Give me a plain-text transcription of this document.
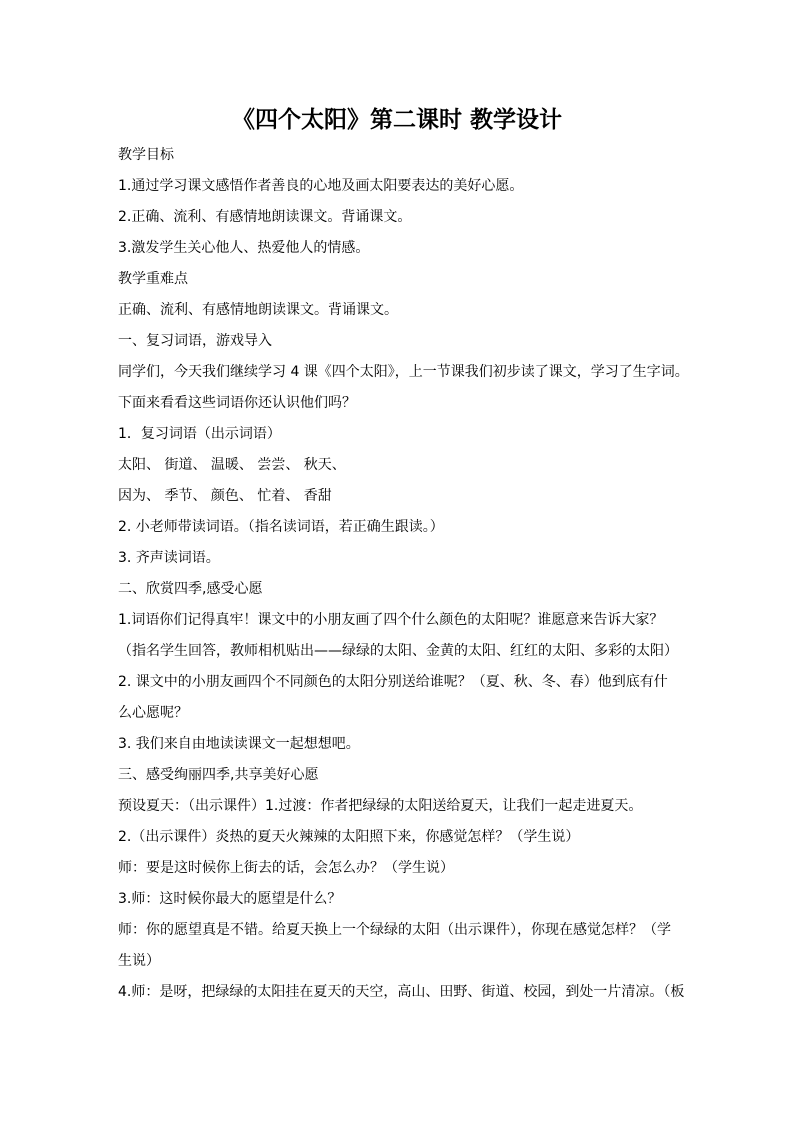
《四个太阳》第二课时 教学设计
教学目标
1.通过学习课文感悟作者善良的心地及画太阳要表达的美好心愿。
2.正确、流利、有感情地朗读课文。背诵课文。
3.激发学生关心他人、热爱他人的情感。
教学重难点
正确、流利、有感情地朗读课文。背诵课文。
一、复习词语，游戏导入
同学们，今天我们继续学习 4 课《四个太阳》，上一节课我们初步读了课文，学习了生字词。
下面来看看这些词语你还认识他们吗？
1．复习词语（出示词语）
太阳、 街道、 温暖、 尝尝、 秋天、
因为、 季节、 颜色、 忙着、 香甜
2. 小老师带读词语。（指名读词语，若正确生跟读。）
3. 齐声读词语。
二、欣赏四季,感受心愿
1.词语你们记得真牢！课文中的小朋友画了四个什么颜色的太阳呢？谁愿意来告诉大家？
（指名学生回答，教师相机贴出——绿绿的太阳、金黄的太阳、红红的太阳、多彩的太阳）
2. 课文中的小朋友画四个不同颜色的太阳分别送给谁呢？（夏、秋、冬、春）他到底有什
么心愿呢？
3. 我们来自由地读读课文一起想想吧。
三、感受绚丽四季,共享美好心愿
预设夏天：（出示课件）1.过渡：作者把绿绿的太阳送给夏天，让我们一起走进夏天。
2.（出示课件）炎热的夏天火辣辣的太阳照下来，你感觉怎样？（学生说）
师：要是这时候你上街去的话，会怎么办？（学生说）
3.师：这时候你最大的愿望是什么？
师：你的愿望真是不错。给夏天换上一个绿绿的太阳（出示课件），你现在感觉怎样？（学
生说）
4.师：是呀，把绿绿的太阳挂在夏天的天空，高山、田野、街道、校园，到处一片清凉。（板
